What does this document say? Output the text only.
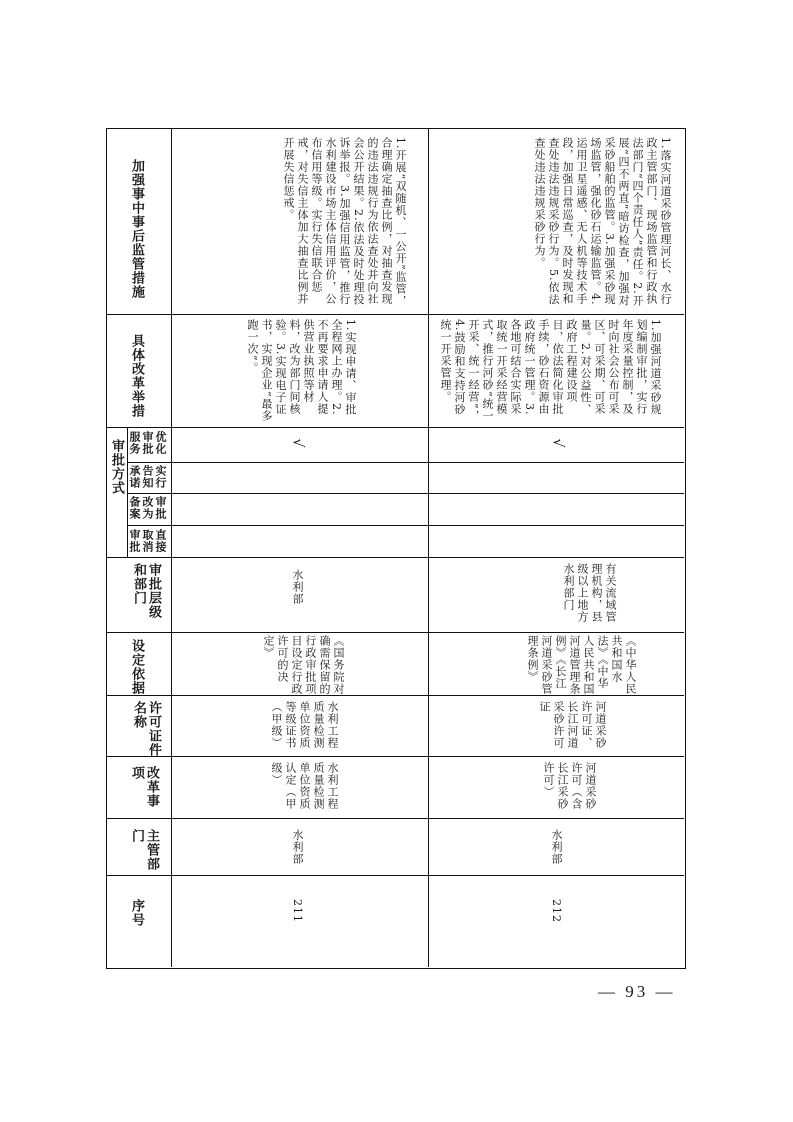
序号
主管部门
改革事项
许可证件名称
设定依据
审批层级和部门
审批方式
直接取消审批
审批改为备案
实行告知承诺
优化审批服务
具体改革举措
加强事中事后监管措施
211
水利部
水利工程质量检测单位资质认定（甲级）
水利工程质量检测单位资质等级证书（甲级）
《国务院对确需保留的行政审批项目设定行政许可的决定》
水利部
√
1.实现申请、审批全程网上办理。2.不再要求申请人提供营业执照等材料，改为部门间核验。3.实现电子证书，实现企业“最多跑一次”。
1.开展“双随机、一公开”监管，合理确定抽查比例，对抽查发现的违法违规行为依法查处并向社会公开结果。2.依法及时处理投诉举报。3.加强信用监管，推行水利建设市场主体信用评价，公布信用等级。实行失信联合惩戒，对失信主体加大抽查比例并开展失信惩戒。
212
水利部
河道采砂许可（含长江采砂许可）
河道采砂许可证、长江河道采砂许可证
《中华人民共和国水法》《中华人民共和国河道管理条例》《长江河道采砂管理条例》
有关流域管理机构，县级以上地方水利部门
√
1.加强河道采砂规划编制审批，实行年度采量控制，及时向社会公布可采区、可采期、可采量。2.对公益性、政府工程建设项目，依法简化审批手续，砂石资源由政府统一管理。3.各地可结合实际采取统一开采经营模式，推行河砂“统一开采、统一经营”，4.鼓励和支持河砂统一开采管理。
1.落实河道采砂管理河长、水行政主管部门、现场监管和行政执法部门“四个责任人”责任。2.开展“四不两直”暗访检查，加强对采砂船舶的监管。3.加强采砂现场监管，强化砂石运输监管。4.运用卫星遥感、无人机等技术手段，加强日常巡查，及时发现和查处违法违规采砂行为。5.依法查处违法违规采砂行为。
— 93 —
